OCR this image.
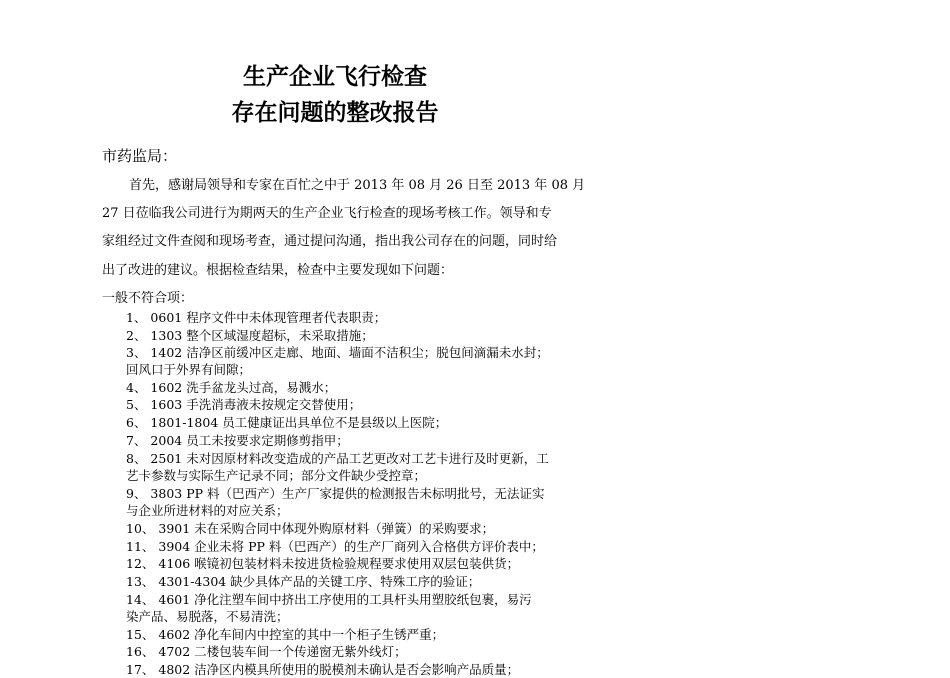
生产企业飞行检查
存在问题的整改报告
市药监局：
首先，感谢局领导和专家在百忙之中于 2013 年 08 月 26 日至 2013 年 08 月
27 日莅临我公司进行为期两天的生产企业飞行检查的现场考核工作。领导和专
家组经过文件查阅和现场考查，通过提问沟通，指出我公司存在的问题，同时给
出了改进的建议。根据检查结果，检查中主要发现如下问题：
一般不符合项：
1、 0601 程序文件中未体现管理者代表职责；
2、 1303 整个区域湿度超标，未采取措施；
3、 1402 洁净区前缓冲区走廊、地面、墙面不洁积尘；脱包间滴漏未水封；
回风口于外界有间隙；
4、 1602 洗手盆龙头过高，易溅水；
5、 1603 手洗消毒液未按规定交替使用；
6、 1801-1804 员工健康证出具单位不是县级以上医院；
7、 2004 员工未按要求定期修剪指甲；
8、 2501 未对因原材料改变造成的产品工艺更改对工艺卡进行及时更新，工
艺卡参数与实际生产记录不同；部分文件缺少受控章；
9、 3803 PP 料（巴西产）生产厂家提供的检测报告未标明批号，无法证实
与企业所进材料的对应关系；
10、 3901 未在采购合同中体现外购原材料（弹簧）的采购要求；
11、 3904 企业未将 PP 料（巴西产）的生产厂商列入合格供方评价表中；
12、 4106 喉镜初包装材料未按进货检验规程要求使用双层包装供货；
13、 4301-4304 缺少具体产品的关键工序、特殊工序的验证；
14、 4601 净化注塑车间中挤出工序使用的工具杆头用塑胶纸包裹，易污
染产品、易脱落，不易清洗；
15、 4602 净化车间内中控室的其中一个柜子生锈严重；
16、 4702 二楼包装车间一个传递窗无紫外线灯；
17、 4802 洁净区内模具所使用的脱模剂未确认是否会影响产品质量；
